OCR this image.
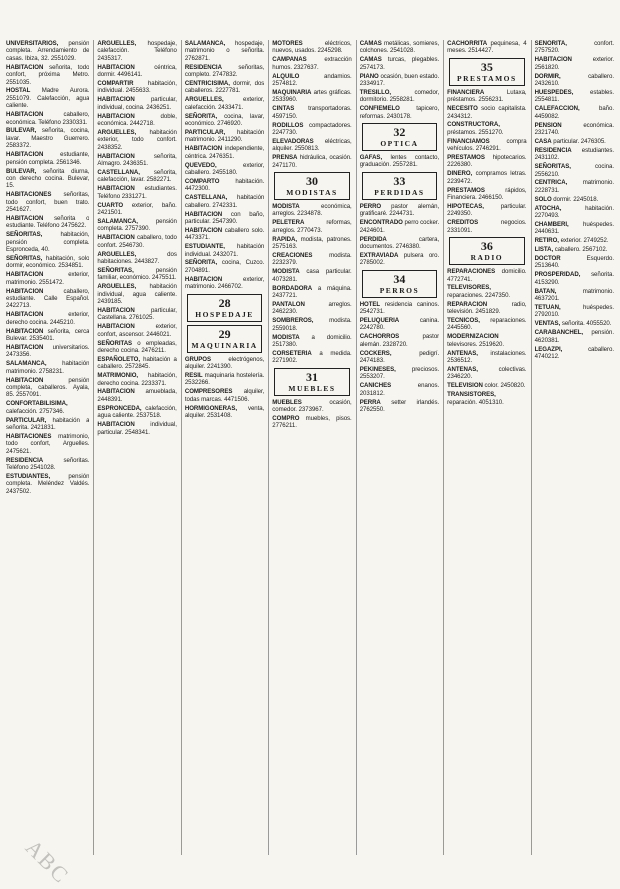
UNIVERSITARIOS, pensión completa. Arrendamiento de casas. Ibiza, 32. 2551029.

HABITACION señorita, todo confort, próxima Metro. 2551035.

HOSTAL Madre Aurora. 2551079. Calefacción, agua caliente.

HABITACION	caballero, económica. Teléfono 2330331.

BULEVAR, señorita, cocina, lavar. Maestro Guerrero. 2583372.

HABITACION	estudiante, pensión completa. 2561346.

BULEVAR, señorita diurna, con derecho cocina. Bulevar, 15.

HABITACIONES señoritas, todo confort, buen trato. 2541627.

HABITACION señorita o estudiante. Teléfono 2475622.

SEÑORITAS,	habitación, pensión completa. Espronceda, 40.

SEÑORITAS, habitación, solo dormir, económico. 2534851.

HABITACION	exterior, matrimonio. 2551472.

HABITACION	caballero, estudiante. Calle Español. 2422713.

HABITACION	exterior, derecho cocina. 2445210.

HABITACION señorita, cerca Bulevar. 2535401.

HABITACION universitarios. 2473356.

SALAMANCA,	habitación matrimonio. 2758231.

HABITACION	pensión completa, caballeros. Ayala, 85. 2557091.

CONFORTABILISIMA, calefacción. 2757346.

PARTICULAR, habitación a señorita. 2421831.

HABITACIONES matrimonio, todo confort, Arguelles. 2475621.

RESIDENCIA	señoritas. Teléfono 2541028.

ESTUDIANTES,	pensión completa. Meléndez Valdés. 2437502.

ARGUELLES, hospedaje, calefacción. Teléfono 2435317.

HABITACION	céntrica, dormir. 4496141.

COMPARTIR habitación, individual. 2455633.

HABITACION	particular, individual, cocina. 2436251.

HABITACION	doble, económica. 2442718.

ARGUELLES, habitación exterior, todo confort. 2438352.

HABITACION	señorita, Almagro. 2436351.

CASTELLANA, señorita, calefacción, lavar. 2582271.

HABITACION estudiantes. Teléfono 2331271.

CUARTO exterior, baño. 2421501.

SALAMANCA,	pensión completa. 2757390.

HABITACION caballero, todo confort. 2546730.

ARGUELLES,	dos habitaciones. 2443827.

SEÑORITAS,	pensión familiar, económico. 2475511.

ARGUELLES, habitación individual, agua caliente. 2439185.

HABITACION	particular, Castellana. 2761025.

HABITACION	exterior, confort, ascensor. 2446021.

SEÑORITAS o empleadas, derecho cocina. 2476211.

ESPAÑOLETO, habitación a caballero. 2572845.

MATRIMONIO, habitación, derecho cocina. 2233371.

HABITACION amueblada, 2448391.

ESPRONCEDA, calefacción, agua caliente. 2537518.

HABITACION	individual, particular. 2548341.

SALAMANCA, hospedaje, matrimonio o señorita. 2762871.

RESIDENCIA	señoritas, completo. 2747832.

CENTRICISIMA, dormir, dos caballeros. 2227781.

ARGUELLES,	exterior, calefacción. 2433471.

SEÑORITA, cocina, lavar, económico. 2746920.

PARTICULAR, habitación matrimonio. 2411290.

HABITACION independiente, céntrica. 2476351.

QUEVEDO,	exterior, caballero. 2455180.

COMPARTO	habitación. 4472300.

CASTELLANA, habitación caballero. 2742331.

HABITACION con baño, particular. 2547390.

HABITACION caballero solo. 4473371.

ESTUDIANTE, habitación individual. 2432071.

SEÑORITA, cocina, Cuzco. 2704891.

HABITACION	exterior, matrimonio. 2466702.

28
HOSPEDAJE
29
MAQUINARIA

GRUPOS	electrógenos, alquiler. 2241390.

RESIL maquinaria hostelería. 2532266.

COMPRESORES alquiler, todas marcas. 4471506.

HORMIGONERAS, venta, alquiler. 2531408.

MOTORES	eléctricos, nuevos, usados. 2245298.

CAMPANAS	extracción humos. 2327637.

ALQUILO	andamios. 2574812.

MAQUINARIA artes gráficas. 2533960.

CINTAS transportadoras. 4597150.

RODILLOS compactadores. 2247730.

ELEVADORAS eléctricas, alquiler. 2550813.

PRENSA hidráulica, ocasión. 2471170.

30
MODISTAS

MODISTA	económica, arreglos. 2234878.

PELETERA	reformas, arreglos. 2770473.

RAPIDA, modista, patrones. 2575163.

CREACIONES	modista. 2232379.

MODISTA casa particular. 4073281.

BORDADORA a máquina. 2437721.

PANTALON	arreglos. 2462230.

SOMBREROS,	modista. 2559018.

MODISTA a domicilio. 2517380.

CORSETERIA a medida. 2271902.

31
MUEBLES

MUEBLES	ocasión, comedor. 2373967.

COMPRO muebles, pisos. 2776211.

CAMAS metálicas, somieres, colchones. 2541028.

CAMAS turcas, plegables. 2574173.

PIANO ocasión, buen estado. 2334917.

TRESILLO,	comedor, dormitorio. 2558281.

CONFIEMELO	tapicero, reformas. 2430178.

32
OPTICA

GAFAS, lentes contacto, graduación. 2557281.

33
PERDIDAS

PERRO pastor alemán, gratificaré. 2244731.

ENCONTRADO perro cocker. 2424601.

PERDIDA	cartera, documentos. 2746380.

EXTRAVIADA pulsera oro. 2785002.

34
PERROS

HOTEL residencia caninos. 2542731.

PELUQUERIA	canina. 2242780.

CACHORROS	pastor alemán. 2328720.

COCKERS,	pedigrí. 2474183.

PEKINESES,	preciosos. 2553207.

CANICHES	enanos. 2031812.

PERRA setter irlandés. 2762550.

CACHORRITA pequinesa, 4 meses. 2514427.

35
PRESTAMOS

FINANCIERA	Lutaxa, préstamos. 2556231.

NECESITO socio capitalista. 2434312.

CONSTRUCTORA, préstamos. 2551270.

FINANCIAMOS	compra vehículos. 2746291.

PRESTAMOS hipotecarios. 2226380.

DINERO, compramos letras. 2239472.

PRESTAMOS	rápidos, Financiera. 2466150.

HIPOTECAS,	particular. 2249350.

CREDITOS	negocios. 2331091.

36
RADIO

REPARACIONES domicilio. 4772741.

TELEVISORES, reparaciones. 2247350.

REPARACION	radio, televisión. 2451829.

TECNICOS, reparaciones. 2445560.

MODERNIZACION televisores. 2519620.

ANTENAS, instalaciones. 2536512.

ANTENAS,	colectivas. 2346220.

TELEVISION color. 2450820.

TRANSISTORES, reparación. 4051310.

SEÑORITA,	confort. 2757520.

HABITACION	exterior. 2561820.

DORMIR,	caballero. 2432610.

HUESPEDES,	estables. 2554811.

CALEFACCION,	baño. 4459082.

PENSION	económica. 2321740.

CASA particular. 2476305.

RESIDENCIA estudiantes. 2431102.

SEÑORITAS,	cocina. 2556210.

CENTRICA,	matrimonio. 2228731.

SOLO dormir. 2245018.

ATOCHA,	habitación. 2270493.

CHAMBERI, huéspedes. 2440631.

RETIRO, exterior. 2749252.

LISTA, caballero. 2567102.

DOCTOR	Esquerdo. 2513640.

PROSPERIDAD, señorita. 4153290.

BATAN,	matrimonio. 4637201.

TETUAN,	huéspedes. 2792010.

VENTAS, señorita. 4055520.

CARABANCHEL, pensión. 4620381.

LEGAZPI,	caballero. 4740212.

ABC
